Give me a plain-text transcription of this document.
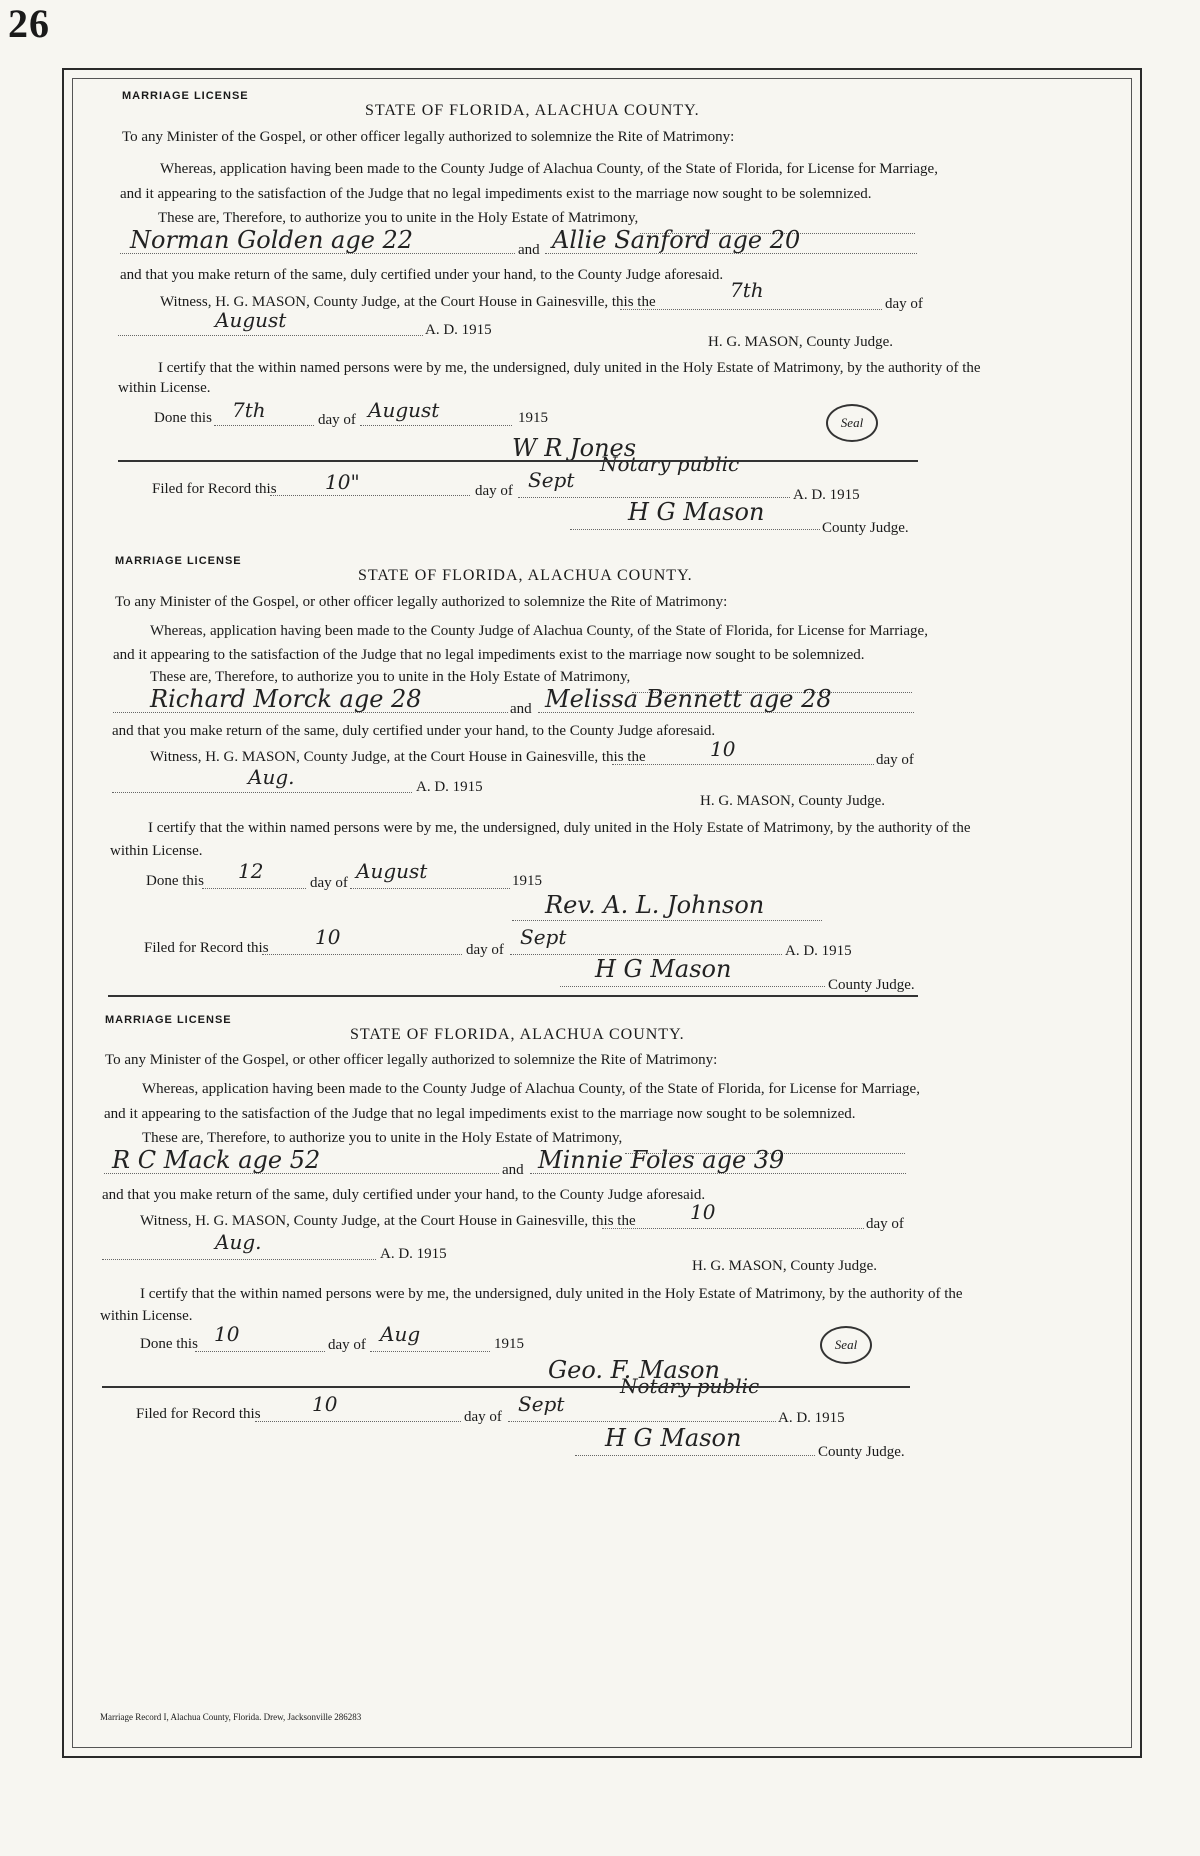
26
MARRIAGE LICENSE
STATE OF FLORIDA, ALACHUA COUNTY.
To any Minister of the Gospel, or other officer legally authorized to solemnize the Rite of Matrimony:
Whereas, application having been made to the County Judge of Alachua County, of the State of Florida, for License for Marriage,
and it appearing to the satisfaction of the Judge that no legal impediments exist to the marriage now sought to be solemnized.
These are, Therefore, to authorize you to unite in the Holy Estate of Matrimony,
Norman Golden age 22	and Allie Sanford age 20
and that you make return of the same, duly certified under your hand, to the County Judge aforesaid.
Witness, H. G. MASON, County Judge, at the Court House in Gainesville, this the	7th
day of
August	A. D. 1915
H. G. MASON, County Judge.
I certify that the within named persons were by me, the undersigned, duly united in the Holy Estate of Matrimony, by the authority of the
within License.
Done this 7th	day of August	1915	Seal
W R Jones
Notary public
Filed for Record this 10"	day of Sept
A. D. 1915
H G Mason
County Judge.
MARRIAGE LICENSE
STATE OF FLORIDA, ALACHUA COUNTY.
To any Minister of the Gospel, or other officer legally authorized to solemnize the Rite of Matrimony:
Whereas, application having been made to the County Judge of Alachua County, of the State of Florida, for License for Marriage,
and it appearing to the satisfaction of the Judge that no legal impediments exist to the marriage now sought to be solemnized.
These are, Therefore, to authorize you to unite in the Holy Estate of Matrimony,
Richard Morck age 28	and Melissa Bennett age 28
and that you make return of the same, duly certified under your hand, to the County Judge aforesaid.
Witness, H. G. MASON, County Judge, at the Court House in Gainesville, this the	10	day of
Aug.	A. D. 1915
H. G. MASON, County Judge.
I certify that the within named persons were by me, the undersigned, duly united in the Holy Estate of Matrimony, by the authority of the
within License.
Done this 12	day of August	1915
Rev. A. L. Johnson
Filed for Record this 10
day of
Sept
A. D. 1915
H G Mason
County Judge.
MARRIAGE LICENSE
STATE OF FLORIDA, ALACHUA COUNTY.
To any Minister of the Gospel, or other officer legally authorized to solemnize the Rite of Matrimony:
Whereas, application having been made to the County Judge of Alachua County, of the State of Florida, for License for Marriage,
and it appearing to the satisfaction of the Judge that no legal impediments exist to the marriage now sought to be solemnized.
These are, Therefore, to authorize you to unite in the Holy Estate of Matrimony,
R C Mack age 52	and Minnie Foles age 39
and that you make return of the same, duly certified under your hand, to the County Judge aforesaid.
Witness, H. G. MASON, County Judge, at the Court House in Gainesville, this the	10	day of
Aug.	A. D. 1915
H. G. MASON, County Judge.
I certify that the within named persons were by me, the undersigned, duly united in the Holy Estate of Matrimony, by the authority of the
within License.
Done this 10	day of Aug	1915	Seal
Geo. F. Mason
Notary public
Filed for Record this	10
day of
Sept
A. D. 1915
H G Mason	County Judge.
Marriage Record I, Alachua County, Florida. Drew, Jacksonville 286283
